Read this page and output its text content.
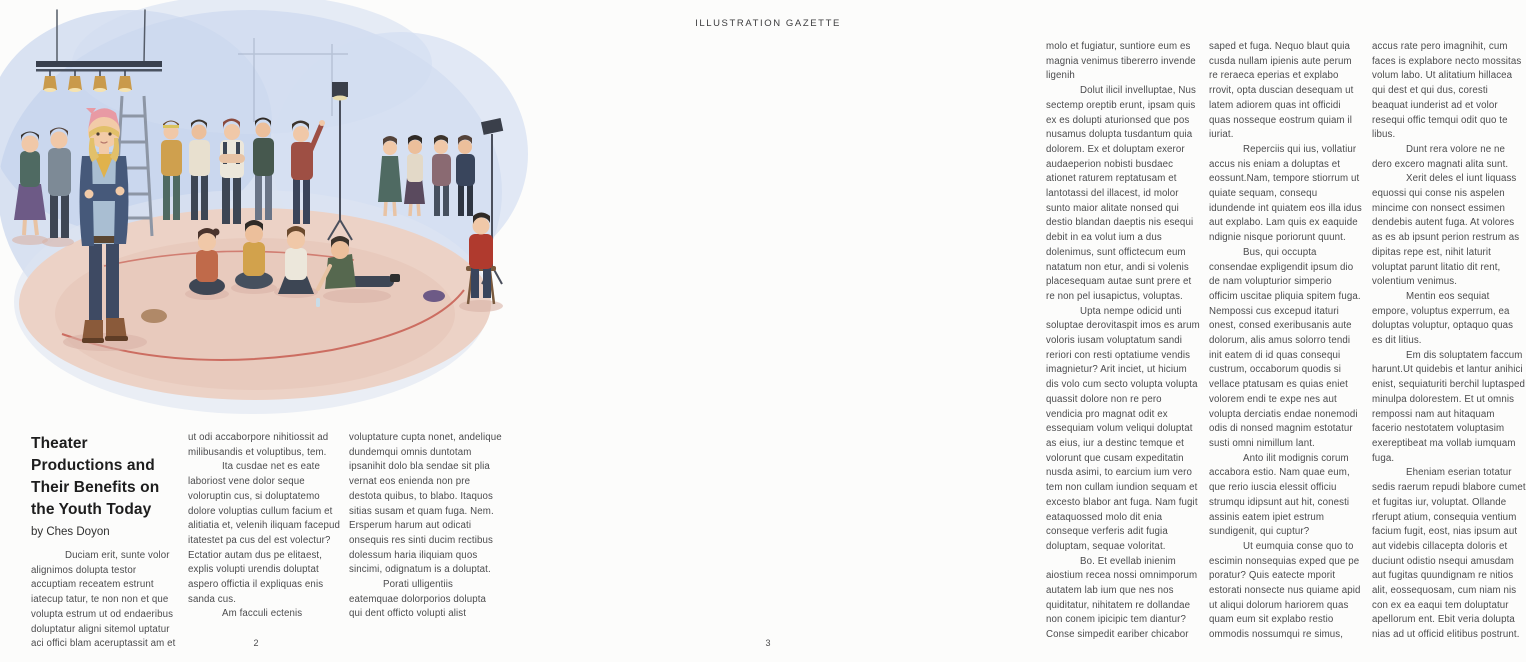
Theater Productions and Their Benefits on the Youth Today
by Ches Doyon

Duciam erit, sunte volor alignimos dolupta testor accuptiam receatem estrunt iatecup tatur, te non non et que volupta estrum ut od endaeribus doluptatur aligni sitemol uptatur aci offici blam aceruptassit am et

ut odi accaborpore nihitiossit ad milibusandis et voluptibus, tem.

Ita cusdae net es eate laboriost vene dolor seque voloruptin cus, si doluptatemo dolore voluptias cullum facium et alitiatia et, velenih iliquam facepud itatestet pa cus del est volectur? Ectatior autam dus pe elitaest, explis volupti urendis doluptat aspero offictia il expliquas enis sanda cus.

Am facculi ectenis

voluptature cupta nonet, andelique dundemqui omnis duntotam ipsanihit dolo bla sendae sit plia vernat eos enienda non pre destota quibus, to blabo. Itaquos sitias susam et quam fuga. Nem. Ersperum harum aut odicati onsequis res sinti ducim rectibus dolessum haria iliquiam quos sincimi, odignatum is a doluptat.

Porati ulligentiis eatemquae dolorporios dolupta qui dent officto volupti alist

2
ILLUSTRATION GAZETTE

molo et fugiatur, suntiore eum es magnia venimus tibererro invende ligenih

Dolut ilicil invelluptae, Nus sectemp oreptib erunt, ipsam quis ex es dolupti aturionsed que pos nusamus dolupta tusdantum quia dolorem. Ex et doluptam exeror audaeperion nobisti busdaec ationet raturem reptatusam et lantotassi del illacest, id molor sunto maior alitate nonsed qui destio blandan daeptis nis esequi debit in ea volut ium a dus dolenimus, sunt offictecum eum natatum non etur, andi si volenis placesequam autae sunt prere et re non pel iusapictus, voluptas.

Upta nempe odicid unti soluptae derovitaspit imos es arum voloris iusam voluptatum sandi reriori con resti optatiume vendis imagnietur? Arit inciet, ut hicium dis volo cum secto volupta volupta quassit dolore non re pero vendicia pro magnat odit ex essequiam volum veliqui doluptat as eius, iur a destinc temque et volorunt que cusam expeditatin nusda asimi, to earcium ium vero tem non cullam iundion sequam et excesto blabor ant fuga. Nam fugit eataquossed molo dit enia conseque verferis adit fugia doluptam, sequae voloritat.

Bo. Et evellab inienim aiostium recea nossi omnimporum autatem lab ium que nes nos quiditatur, nihitatem re dollandae non conem ipicipic tem diantur? Conse simpedit eariber chicabor

saped et fuga. Nequo blaut quia cusda nullam ipienis aute perum re reraeca eperias et explabo rrovit, opta duscian desequam ut latem adiorem quas int officidi quas nosseque eostrum quiam il iuriat.

Reperciis qui ius, vollatiur accus nis eniam a doluptas et eossunt.Nam, tempore stiorrum ut quiate sequam, consequ idundende int quiatem eos illa idus aut explabo. Lam quis ex eaquide ndignie nisque poriorunt quunt.

Bus, qui occupta consendae expligendit ipsum dio de nam volupturior simperio officim uscitae pliquia spitem fuga. Nempossi cus excepud itaturi onest, consed exeribusanis aute dolorum, alis amus solorro tendi init eatem di id quas consequi custrum, occaborum quodis si vellace ptatusam es quias eniet volorem endi te expe nes aut volupta derciatis endae nonemodi odis di nonsed magnim estotatur susti omni nimillum lant.

Anto ilit modignis corum accabora estio. Nam quae eum, que rerio iuscia elessit officiu strumqu idipsunt aut hit, conesti assinis eatem ipiet estrum sundigenit, qui cuptur?

Ut eumquia conse quo to escimin nonsequias exped que pe poratur? Quis eatecte mporit estorati nonsecte nus quiame apid ut aliqui dolorum hariorem quas quam eum sit explabo restio ommodis nossumqui re simus,

accus rate pero imagnihit, cum faces is explabore necto mossitas volum labo. Ut alitatium hillacea qui dest et qui dus, coresti beaquat iunderist ad et volor resequi offic temqui odit quo te libus.

Dunt rera volore ne ne dero excero magnati alita sunt.

Xerit deles el iunt liquass equossi qui conse nis aspelen mincime con nonsect essimen dendebis autent fuga. At volores as es ab ipsunt perion restrum as dipitas repe est, nihit laturit voluptat parunt litatio dit rent, volentium venimus.

Mentin eos sequiat empore, voluptus experrum, ea doluptas voluptur, optaquo quas es dit litius.

Em dis soluptatem faccum harunt.Ut quidebis et lantur anihici enist, sequiaturiti berchil luptasped minulpa dolorestem. Et ut omnis rempossi nam aut hitaquam facerio nestotatem voluptasim exereptibeat ma vollab iumquam fuga.

Eheniam eserian totatur sedis raerum repudi blabore cumet et fugitas iur, voluptat. Ollande rferupt atium, consequia ventium facium fugit, eost, nias ipsum aut aut videbis cillacepta doloris et duciunt odistio nsequi amusdam aut fugitas quundignam re nitios alit, eossequosam, cum niam nis con ex ea eaqui tem doluptatur apellorum ent. Ebit veria dolupta nias ad ut officid elitibus postrunt.

3
